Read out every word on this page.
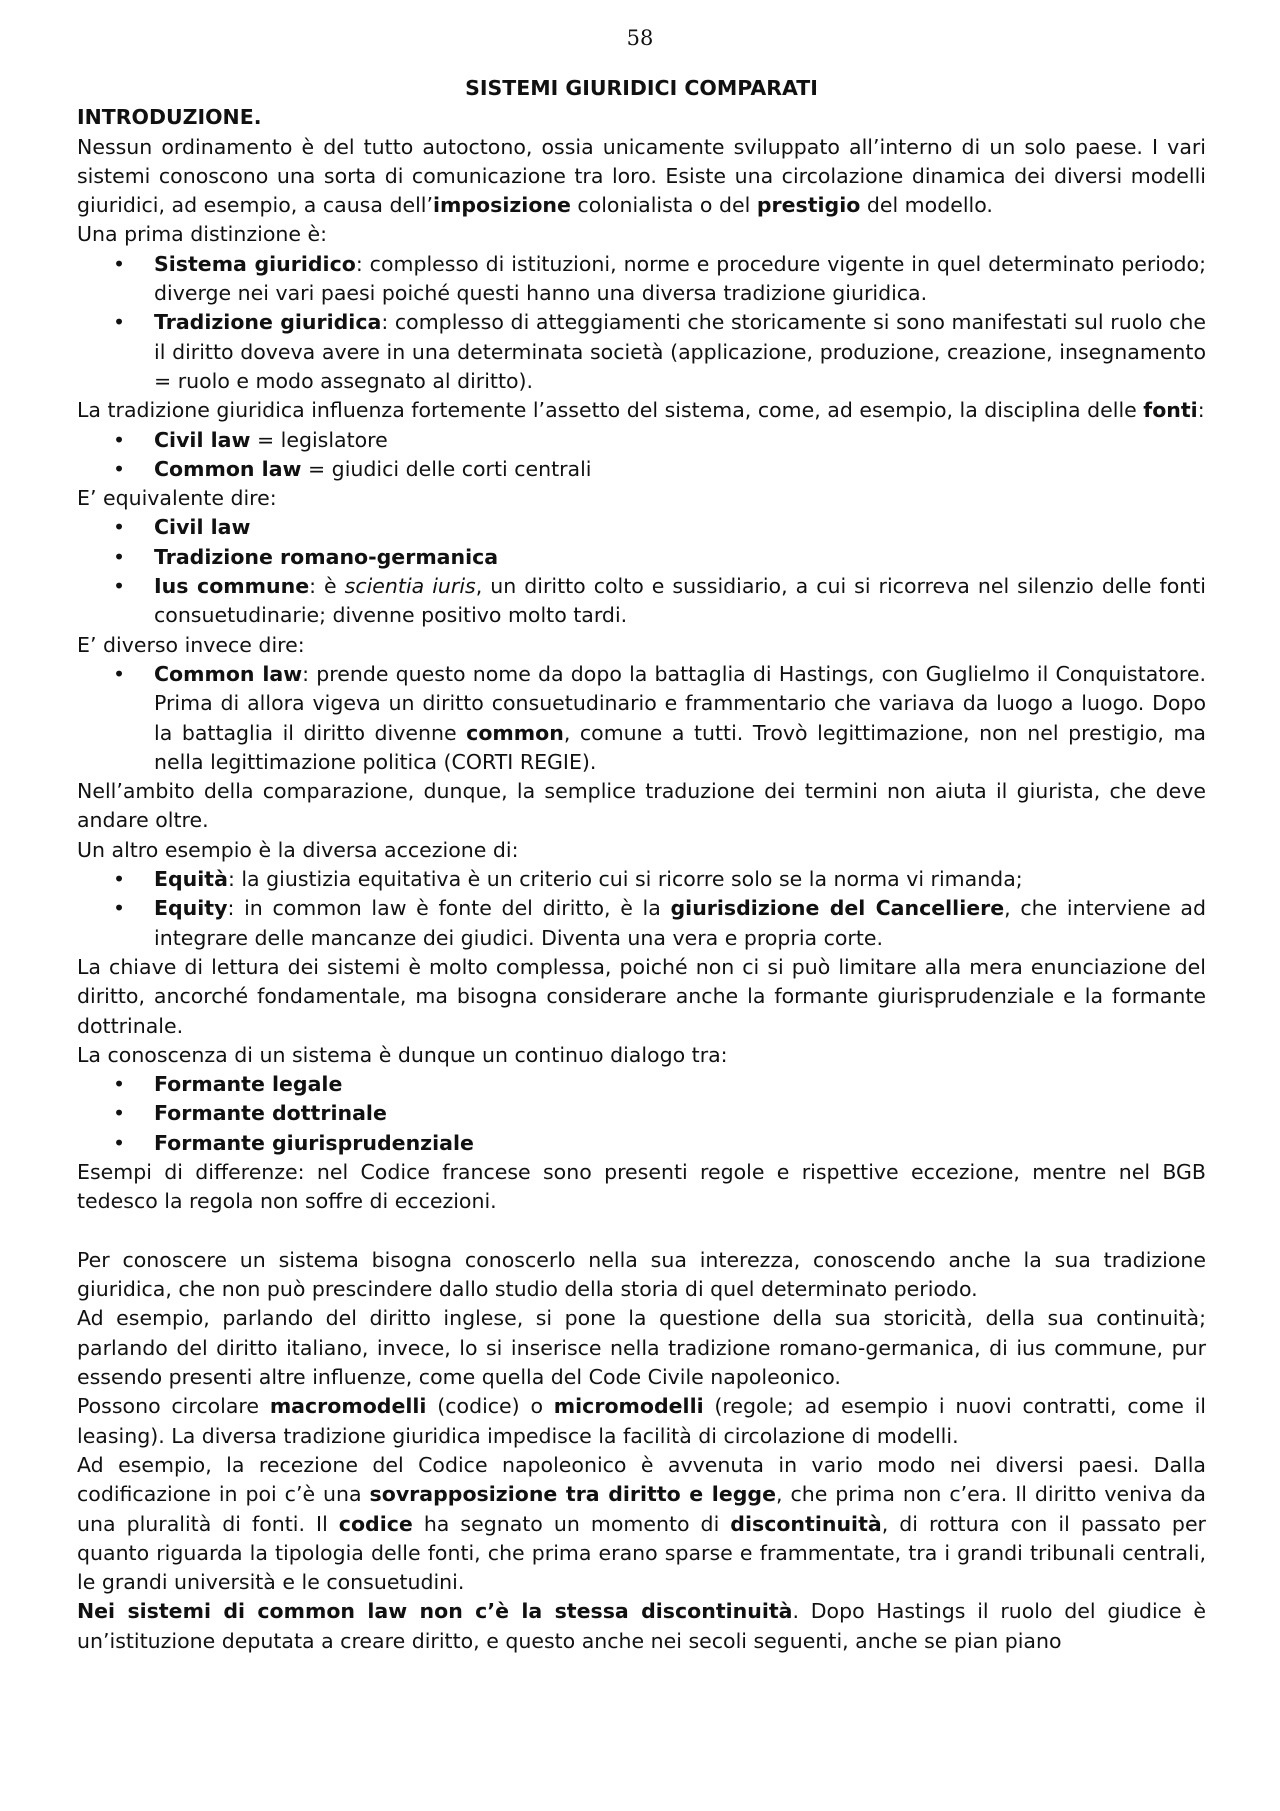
58
SISTEMI GIURIDICI COMPARATI
INTRODUZIONE.

Nessun ordinamento è del tutto autoctono, ossia unicamente sviluppato all’interno di un solo paese. I vari sistemi conoscono una sorta di comunicazione tra loro. Esiste una circolazione dinamica dei diversi modelli giuridici, ad esempio, a causa dell’imposizione colonialista o del prestigio del modello.

Una prima distinzione è:

• Sistema giuridico: complesso di istituzioni, norme e procedure vigente in quel determinato periodo; diverge nei vari paesi poiché questi hanno una diversa tradizione giuridica.
• Tradizione giuridica: complesso di atteggiamenti che storicamente si sono manifestati sul ruolo che il diritto doveva avere in una determinata società (applicazione, produzione, creazione, insegnamento = ruolo e modo assegnato al diritto).

La tradizione giuridica influenza fortemente l’assetto del sistema, come, ad esempio, la disciplina delle fonti:

• Civil law = legislatore
• Common law = giudici delle corti centrali

E’ equivalente dire:

• Civil law
• Tradizione romano-germanica
• Ius commune: è scientia iuris, un diritto colto e sussidiario, a cui si ricorreva nel silenzio delle fonti consuetudinarie; divenne positivo molto tardi.

E’ diverso invece dire:

• Common law: prende questo nome da dopo la battaglia di Hastings, con Guglielmo il Conquistatore. Prima di allora vigeva un diritto consuetudinario e frammentario che variava da luogo a luogo. Dopo la battaglia il diritto divenne common, comune a tutti. Trovò legittimazione, non nel prestigio, ma nella legittimazione politica (CORTI REGIE).

Nell’ambito della comparazione, dunque, la semplice traduzione dei termini non aiuta il giurista, che deve andare oltre.

Un altro esempio è la diversa accezione di:

• Equità: la giustizia equitativa è un criterio cui si ricorre solo se la norma vi rimanda;
• Equity: in common law è fonte del diritto, è la giurisdizione del Cancelliere, che interviene ad integrare delle mancanze dei giudici. Diventa una vera e propria corte.

La chiave di lettura dei sistemi è molto complessa, poiché non ci si può limitare alla mera enunciazione del diritto, ancorché fondamentale, ma bisogna considerare anche la formante giurisprudenziale e la formante dottrinale.

La conoscenza di un sistema è dunque un continuo dialogo tra:

• Formante legale
• Formante dottrinale
• Formante giurisprudenziale

Esempi di differenze: nel Codice francese sono presenti regole e rispettive eccezione, mentre nel BGB tedesco la regola non soffre di eccezioni.

Per conoscere un sistema bisogna conoscerlo nella sua interezza, conoscendo anche la sua tradizione giuridica, che non può prescindere dallo studio della storia di quel determinato periodo.

Ad esempio, parlando del diritto inglese, si pone la questione della sua storicità, della sua continuità; parlando del diritto italiano, invece, lo si inserisce nella tradizione romano-germanica, di ius commune, pur essendo presenti altre influenze, come quella del Code Civile napoleonico.

Possono circolare macromodelli (codice) o micromodelli (regole; ad esempio i nuovi contratti, come il leasing). La diversa tradizione giuridica impedisce la facilità di circolazione di modelli.

Ad esempio, la recezione del Codice napoleonico è avvenuta in vario modo nei diversi paesi. Dalla codificazione in poi c’è una sovrapposizione tra diritto e legge, che prima non c’era. Il diritto veniva da una pluralità di fonti. Il codice ha segnato un momento di discontinuità, di rottura con il passato per quanto riguarda la tipologia delle fonti, che prima erano sparse e frammentate, tra i grandi tribunali centrali, le grandi università e le consuetudini.

Nei sistemi di common law non c’è la stessa discontinuità. Dopo Hastings il ruolo del giudice è un’istituzione deputata a creare diritto, e questo anche nei secoli seguenti, anche se pian piano
